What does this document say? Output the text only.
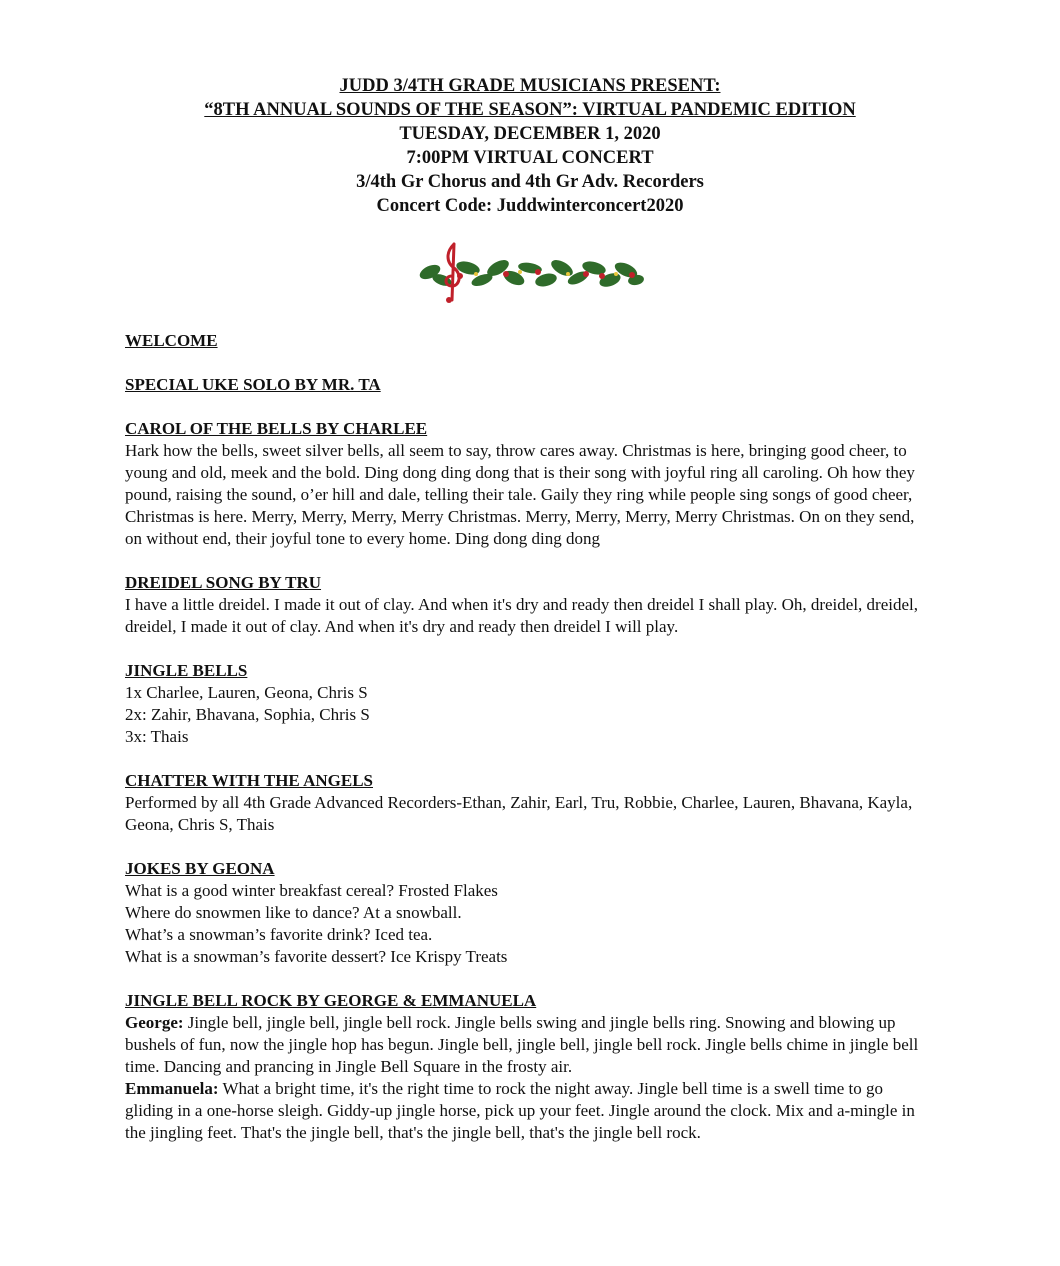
JUDD 3/4TH GRADE MUSICIANS PRESENT:

“8TH ANNUAL SOUNDS OF THE SEASON”: VIRTUAL PANDEMIC EDITION

TUESDAY, DECEMBER 1, 2020

7:00PM VIRTUAL CONCERT

3/4th Gr Chorus and 4th Gr Adv. Recorders

Concert Code: Juddwinterconcert2020

WELCOME

SPECIAL UKE SOLO BY MR. TA

CAROL OF THE BELLS BY CHARLEE

Hark how the bells, sweet silver bells, all seem to say, throw cares away. Christmas is here, bringing good cheer, to young and old, meek and the bold. Ding dong ding dong that is their song with joyful ring all caroling. Oh how they pound, raising the sound, o’er hill and dale, telling their tale. Gaily they ring while people sing songs of good cheer, Christmas is here. Merry, Merry, Merry, Merry Christmas. Merry, Merry, Merry, Merry Christmas. On on they send, on without end, their joyful tone to every home. Ding dong ding dong

DREIDEL SONG BY TRU

I have a little dreidel. I made it out of clay. And when it's dry and ready then dreidel I shall play. Oh, dreidel, dreidel, dreidel, I made it out of clay. And when it's dry and ready then dreidel I will play.

JINGLE BELLS

1x Charlee, Lauren, Geona, Chris S

2x: Zahir, Bhavana, Sophia, Chris S

3x: Thais

CHATTER WITH THE ANGELS

Performed by all 4th Grade Advanced Recorders-Ethan, Zahir, Earl, Tru, Robbie, Charlee, Lauren, Bhavana, Kayla, Geona, Chris S, Thais

JOKES BY GEONA

What is a good winter breakfast cereal? Frosted Flakes

Where do snowmen like to dance? At a snowball.

What’s a snowman’s favorite drink? Iced tea.

What is a snowman’s favorite dessert? Ice Krispy Treats

JINGLE BELL ROCK BY GEORGE & EMMANUELA

George: Jingle bell, jingle bell, jingle bell rock. Jingle bells swing and jingle bells ring. Snowing and blowing up bushels of fun, now the jingle hop has begun. Jingle bell, jingle bell, jingle bell rock. Jingle bells chime in jingle bell time. Dancing and prancing in Jingle Bell Square in the frosty air.

Emmanuela: What a bright time, it's the right time to rock the night away. Jingle bell time is a swell time to go gliding in a one-horse sleigh. Giddy-up jingle horse, pick up your feet. Jingle around the clock. Mix and a-mingle in the jingling feet. That's the jingle bell, that's the jingle bell, that's the jingle bell rock.
